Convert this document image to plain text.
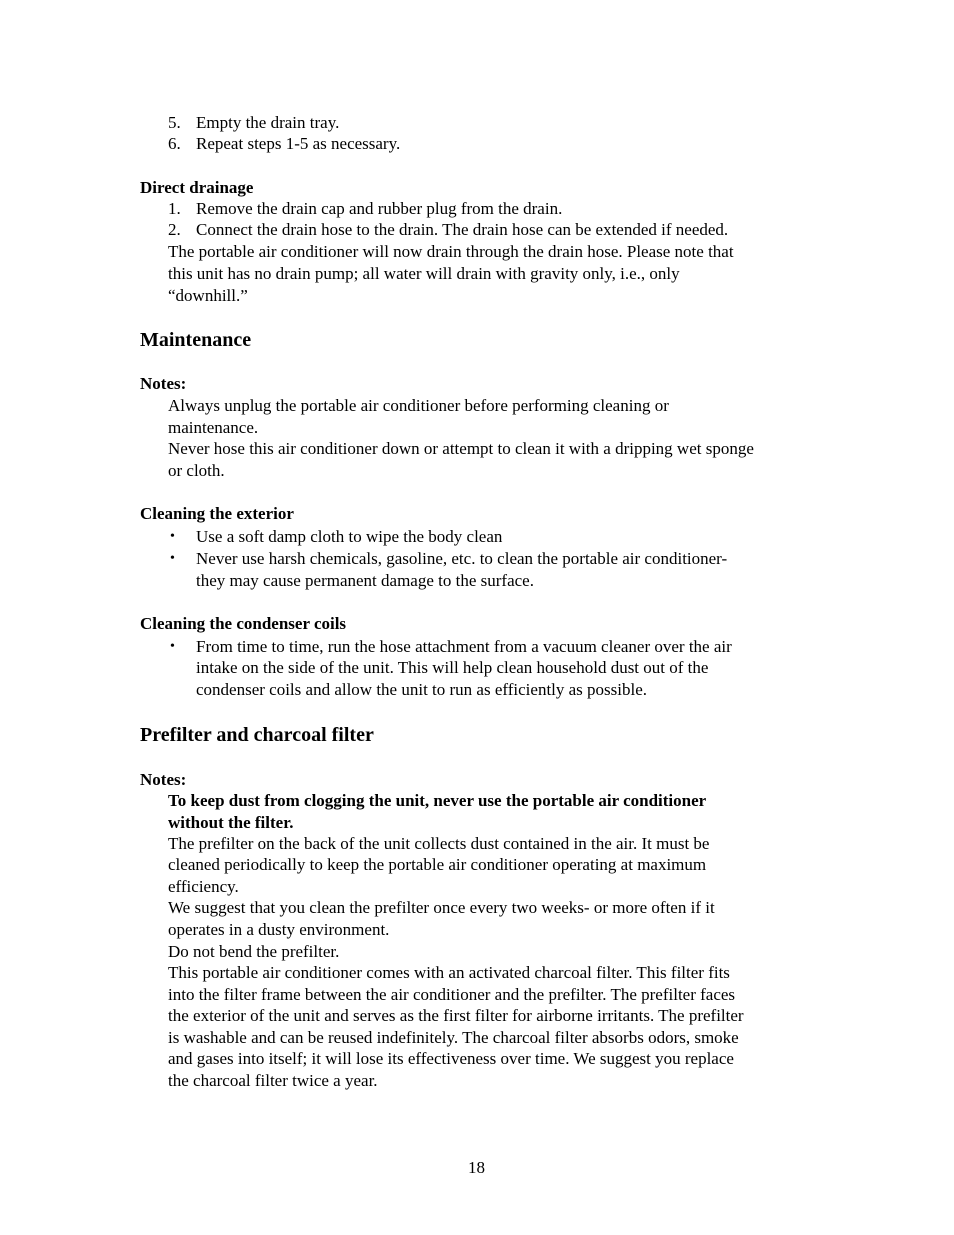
5. Empty the drain tray.
6. Repeat steps 1-5 as necessary.
Direct drainage
1. Remove the drain cap and rubber plug from the drain.
2. Connect the drain hose to the drain. The drain hose can be extended if needed.
The portable air conditioner will now drain through the drain hose. Please note that
this unit has no drain pump; all water will drain with gravity only, i.e., only
“downhill.”
Maintenance
Notes:
Always unplug the portable air conditioner before performing cleaning or
maintenance.
Never hose this air conditioner down or attempt to clean it with a dripping wet sponge
or cloth.
Cleaning the exterior
• Use a soft damp cloth to wipe the body clean
• Never use harsh chemicals, gasoline, etc. to clean the portable air conditioner-
they may cause permanent damage to the surface.
Cleaning the condenser coils
• From time to time, run the hose attachment from a vacuum cleaner over the air
intake on the side of the unit. This will help clean household dust out of the
condenser coils and allow the unit to run as efficiently as possible.
Prefilter and charcoal filter
Notes:
To keep dust from clogging the unit, never use the portable air conditioner
without the filter.
The prefilter on the back of the unit collects dust contained in the air. It must be
cleaned periodically to keep the portable air conditioner operating at maximum
efficiency.
We suggest that you clean the prefilter once every two weeks- or more often if it
operates in a dusty environment.
Do not bend the prefilter.
This portable air conditioner comes with an activated charcoal filter. This filter fits
into the filter frame between the air conditioner and the prefilter. The prefilter faces
the exterior of the unit and serves as the first filter for airborne irritants. The prefilter
is washable and can be reused indefinitely. The charcoal filter absorbs odors, smoke
and gases into itself; it will lose its effectiveness over time. We suggest you replace
the charcoal filter twice a year.
18
